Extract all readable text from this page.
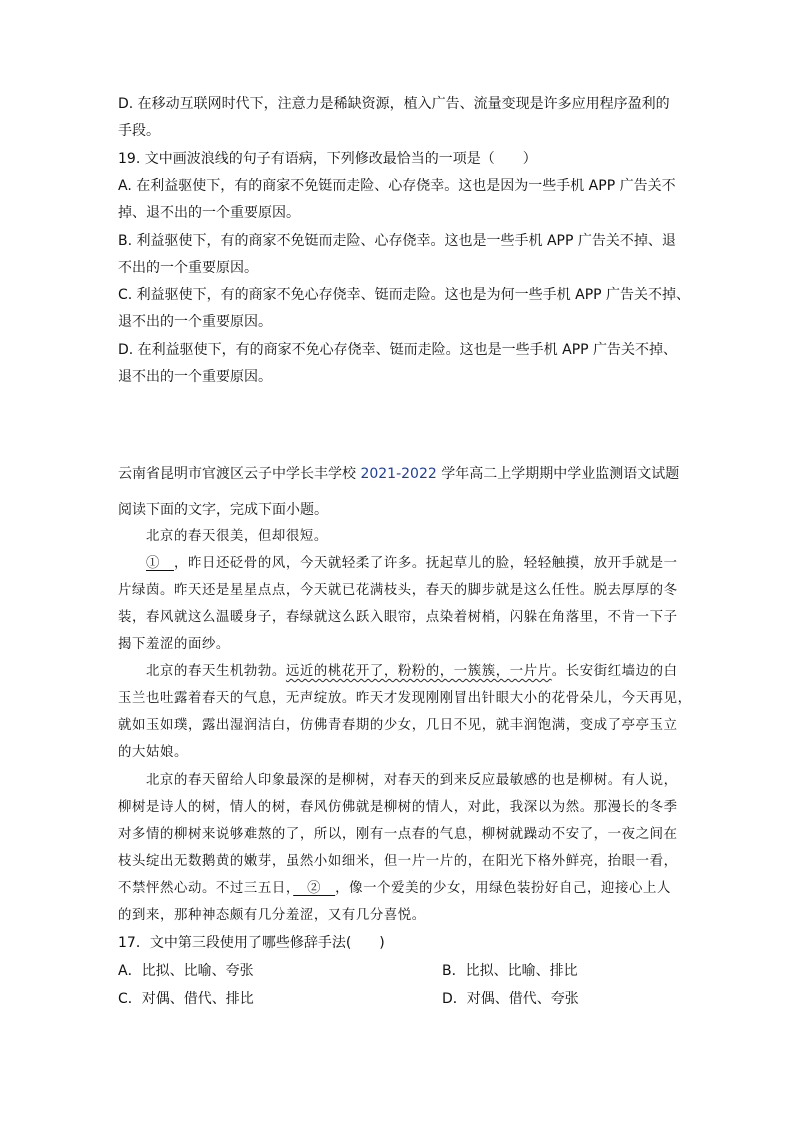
D. 在移动互联网时代下，注意力是稀缺资源，植入广告、流量变现是许多应用程序盈利的
手段。
19. 文中画波浪线的句子有语病，下列修改最恰当的一项是（　　）
A. 在利益驱使下，有的商家不免铤而走险、心存侥幸。这也是因为一些手机 APP 广告关不
掉、退不出的一个重要原因。
B. 利益驱使下，有的商家不免铤而走险、心存侥幸。这也是一些手机 APP 广告关不掉、退
不出的一个重要原因。
C. 利益驱使下，有的商家不免心存侥幸、铤而走险。这也是为何一些手机 APP 广告关不掉、
退不出的一个重要原因。
D. 在利益驱使下，有的商家不免心存侥幸、铤而走险。这也是一些手机 APP 广告关不掉、
退不出的一个重要原因。
云南省昆明市官渡区云子中学长丰学校 2021-2022 学年高二上学期期中学业监测语文试题
阅读下面的文字，完成下面小题。
北京的春天很美，但却很短。
①　，昨日还砭骨的风，今天就轻柔了许多。抚起草儿的脸，轻轻触摸，放开手就是一
片绿茵。昨天还是星星点点，今天就已花满枝头，春天的脚步就是这么任性。脱去厚厚的冬
装，春风就这么温暖身子，春绿就这么跃入眼帘，点染着树梢，闪躲在角落里，不肯一下子
揭下羞涩的面纱。
北京的春天生机勃勃。远近的桃花开了，粉粉的，一簇簇，一片片。长安街红墙边的白
玉兰也吐露着春天的气息，无声绽放。昨天才发现刚刚冒出针眼大小的花骨朵儿，今天再见，
就如玉如璞，露出湿润洁白，仿佛青春期的少女，几日不见，就丰润饱满，变成了亭亭玉立
的大姑娘。
北京的春天留给人印象最深的是柳树，对春天的到来反应最敏感的也是柳树。有人说，
柳树是诗人的树，情人的树，春风仿佛就是柳树的情人，对此，我深以为然。那漫长的冬季
对多情的柳树来说够难熬的了，所以，刚有一点春的气息，柳树就躁动不安了，一夜之间在
枝头绽出无数鹅黄的嫩芽，虽然小如细米，但一片一片的，在阳光下格外鲜亮，抬眼一看，
不禁怦然心动。不过三五日，　②　，像一个爱美的少女，用绿色装扮好自己，迎接心上人
的到来，那种神态颇有几分羞涩，又有几分喜悦。
17．文中第三段使用了哪些修辞手法(　　)
A．比拟、比喻、夸张	B．比拟、比喻、排比
C．对偶、借代、排比	D．对偶、借代、夸张
